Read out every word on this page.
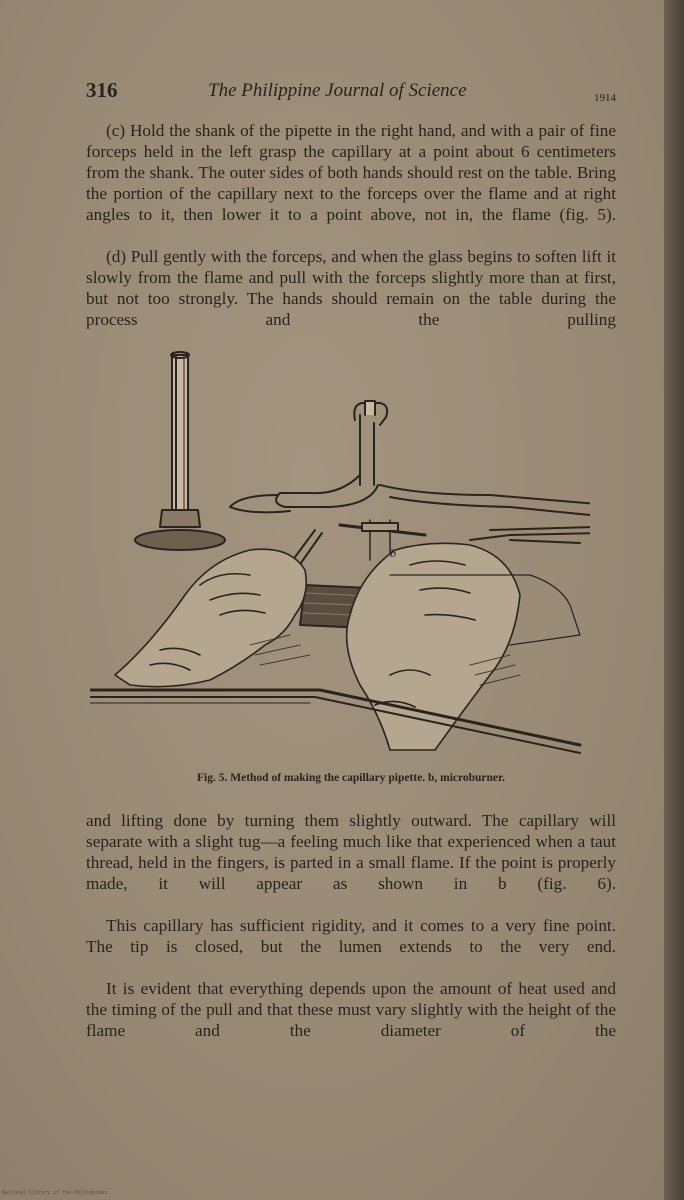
316	The Philippine Journal of Science	1914

(c) Hold the shank of the pipette in the right hand, and with a pair of fine forceps held in the left grasp the capillary at a point about 6 centimeters from the shank. The outer sides of both hands should rest on the table. Bring the portion of the capillary next to the forceps over the flame and at right angles to it, then lower it to a point above, not in, the flame (fig. 5).

(d) Pull gently with the forceps, and when the glass begins to soften lift it slowly from the flame and pull with the forceps slightly more than at first, but not too strongly. The hands should remain on the table during the process and the pulling

b
Fig. 5. Method of making the capillary pipette. b, microburner.

and lifting done by turning them slightly outward. The capillary will separate with a slight tug—a feeling much like that experienced when a taut thread, held in the fingers, is parted in a small flame. If the point is properly made, it will appear as shown in b (fig. 6).

This capillary has sufficient rigidity, and it comes to a very fine point. The tip is closed, but the lumen extends to the very end.

It is evident that everything depends upon the amount of heat used and the timing of the pull and that these must vary slightly with the height of the flame and the diameter of the

National Library of the Philippines
